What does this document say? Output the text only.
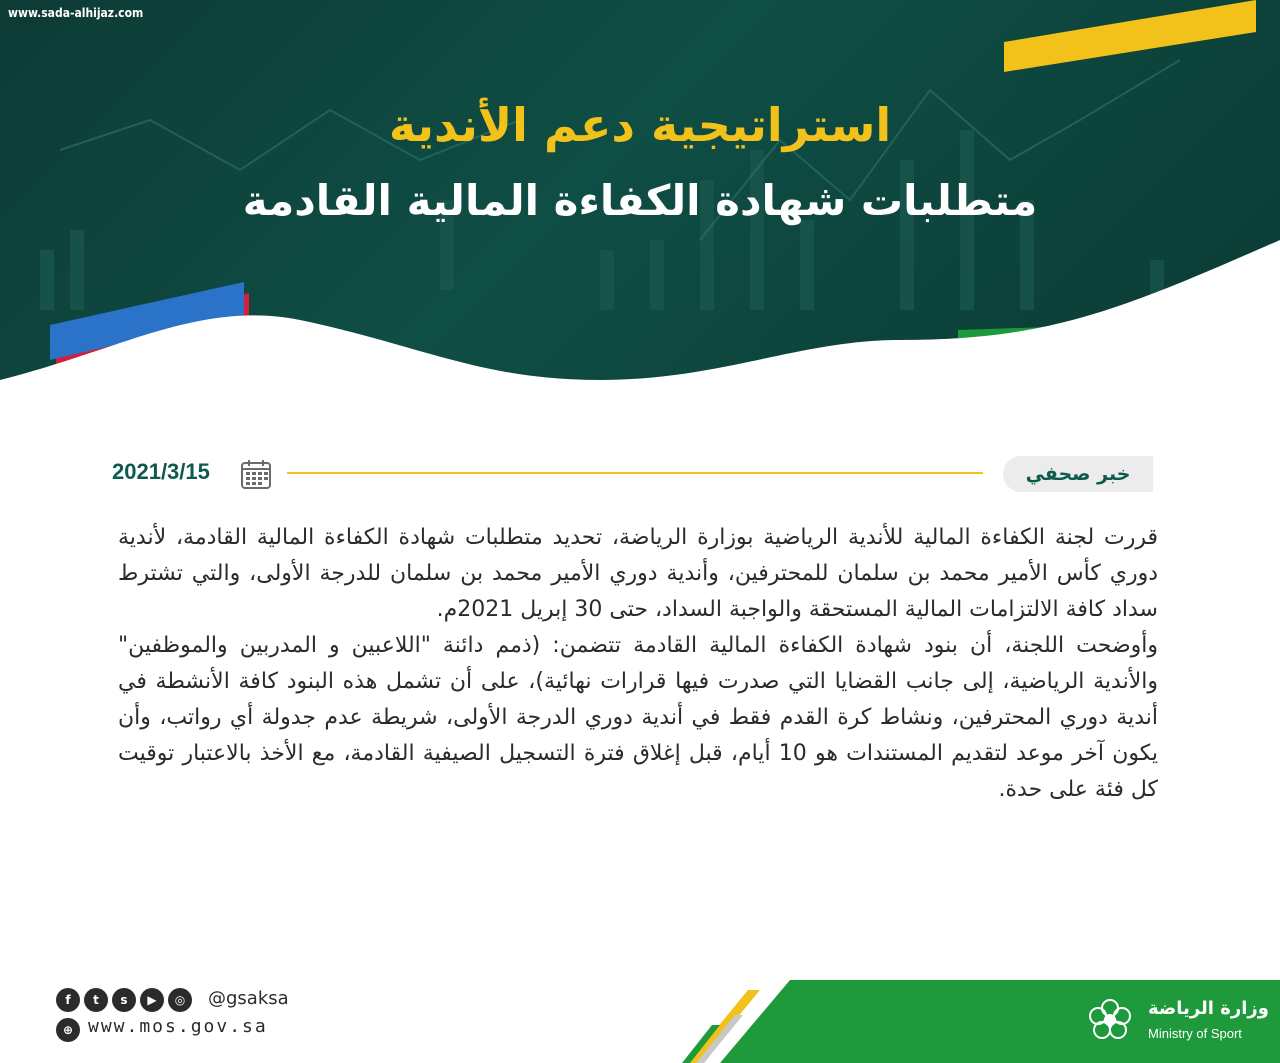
www.sada-alhijaz.com
استراتيجية دعم الأندية
متطلبات شهادة الكفاءة المالية القادمة
2021/3/15	خبر صحفي

قررت لجنة الكفاءة المالية للأندية الرياضية بوزارة الرياضة، تحديد متطلبات شهادة الكفاءة المالية القادمة، لأندية دوري كأس الأمير محمد بن سلمان للمحترفين، وأندية دوري الأمير محمد بن سلمان للدرجة الأولى، والتي تشترط سداد كافة الالتزامات المالية المستحقة والواجبة السداد، حتى 30 إبريل 2021م.

وأوضحت اللجنة، أن بنود شهادة الكفاءة المالية القادمة تتضمن: (ذمم دائنة "اللاعبين و المدربين والموظفين" والأندية الرياضية، إلى جانب القضايا التي صدرت فيها قرارات نهائية)، على أن تشمل هذه البنود كافة الأنشطة في أندية دوري المحترفين، ونشاط كرة القدم فقط في أندية دوري الدرجة الأولى، شريطة عدم جدولة أي رواتب، وأن يكون آخر موعد لتقديم المستندات هو 10 أيام، قبل إغلاق فترة التسجيل الصيفية القادمة، مع الأخذ بالاعتبار توقيت كل فئة على حدة.

f	t	s	▶	◎	@gsaksa
⊕ www.mos.gov.sa
وزارة الرياضة
Ministry of Sport
